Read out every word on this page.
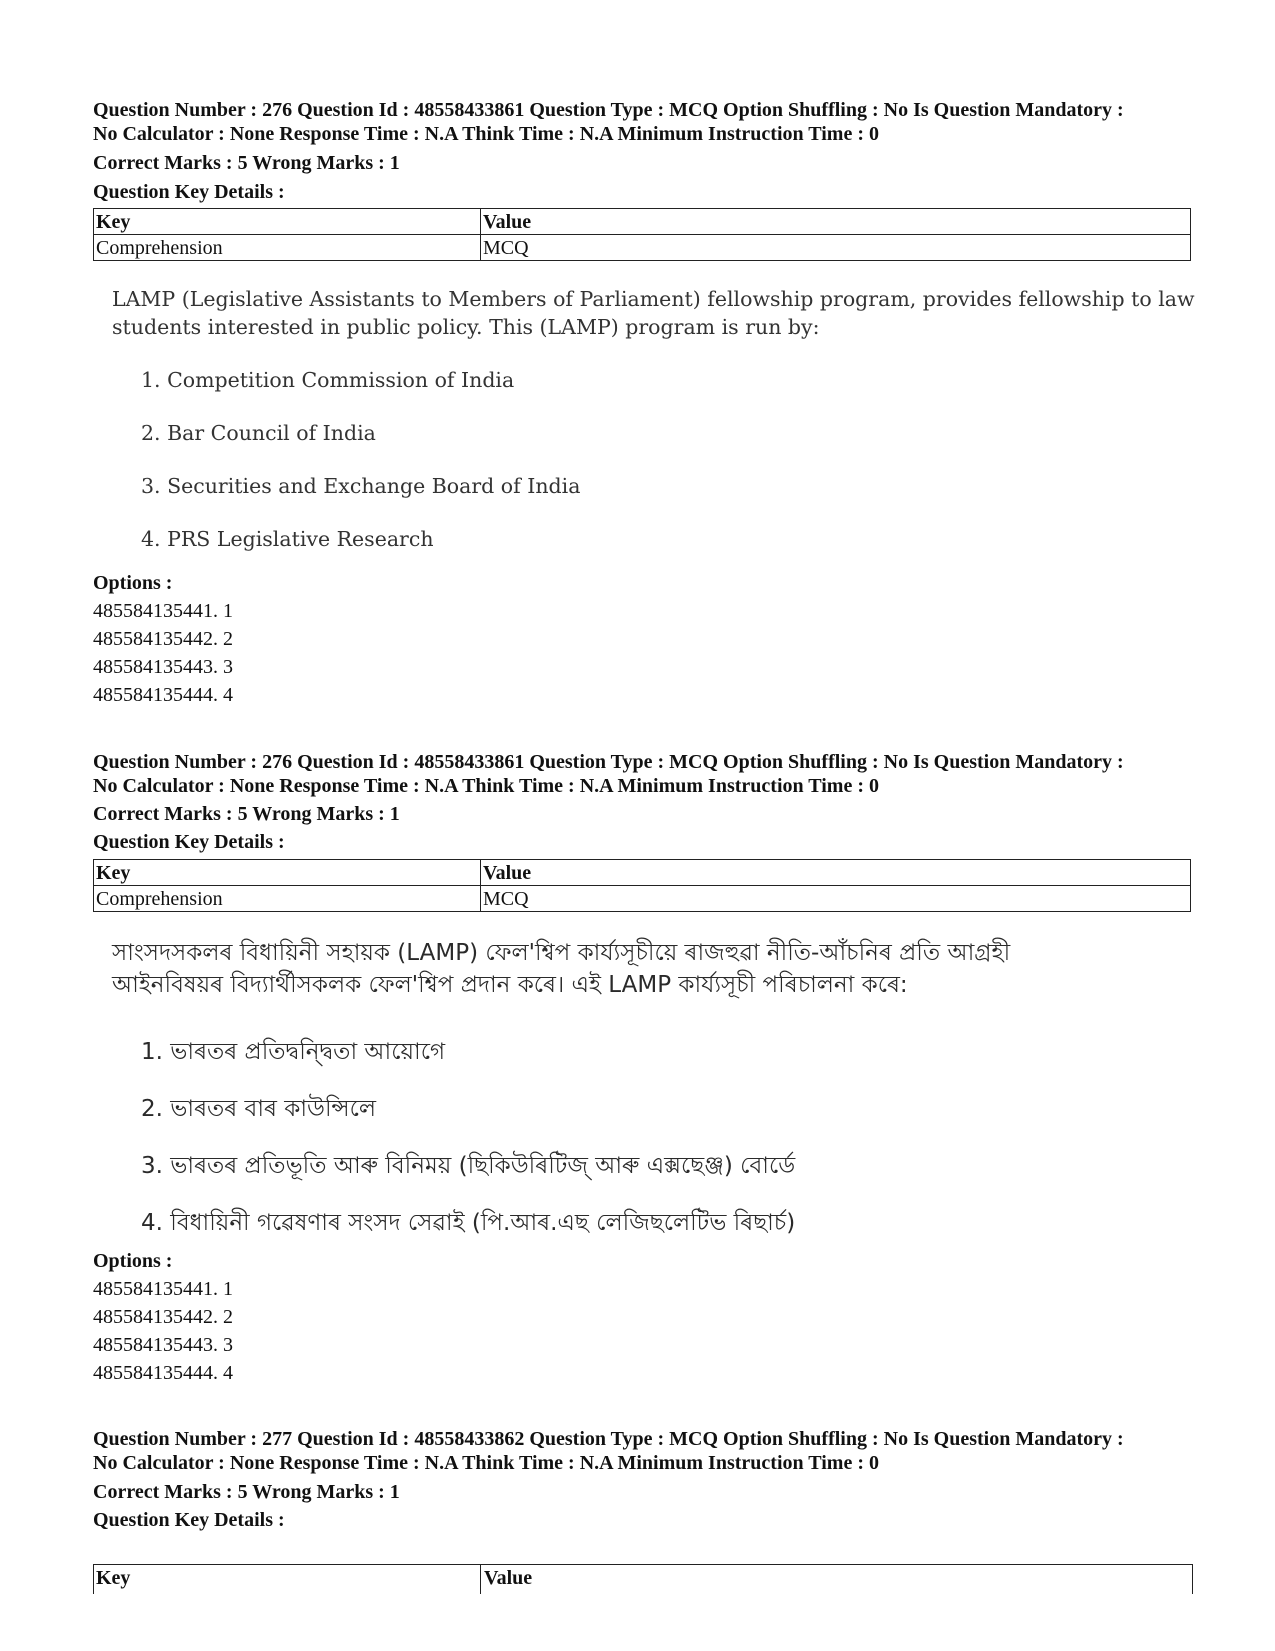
Question Number : 276 Question Id : 48558433861 Question Type : MCQ Option Shuffling : No Is Question Mandatory :
No Calculator : None Response Time : N.A Think Time : N.A Minimum Instruction Time : 0
Correct Marks : 5 Wrong Marks : 1
Question Key Details :
Key	Value
Comprehension	MCQ
LAMP (Legislative Assistants to Members of Parliament) fellowship program, provides fellowship to law
students interested in public policy. This (LAMP) program is run by:
1. Competition Commission of India
2. Bar Council of India
3. Securities and Exchange Board of India
4. PRS Legislative Research
Options :
485584135441. 1
485584135442. 2
485584135443. 3
485584135444. 4
Question Number : 276 Question Id : 48558433861 Question Type : MCQ Option Shuffling : No Is Question Mandatory :
No Calculator : None Response Time : N.A Think Time : N.A Minimum Instruction Time : 0
Correct Marks : 5 Wrong Marks : 1
Question Key Details :
Key	Value
Comprehension	MCQ
সাংসদসকলৰ বিধায়িনী সহায়ক (LAMP) ফেল'শ্বিপ কাৰ্য্যসূচীয়ে ৰাজহুৱা নীতি-আঁচনিৰ প্ৰতি আগ্ৰহী
আইনবিষয়ৰ বিদ্যাৰ্থীসকলক ফেল'শ্বিপ প্ৰদান কৰে। এই LAMP কাৰ্য্যসূচী পৰিচালনা কৰে:
1. ভাৰতৰ প্ৰতিদ্বন্দ্বিতা আয়োগে
2. ভাৰতৰ বাৰ কাউন্সিলে
3. ভাৰতৰ প্ৰতিভূতি আৰু বিনিময় (ছিকিউৰিটিজ্ আৰু এক্সছেঞ্জ) বোৰ্ডে
4. বিধায়িনী গৱেষণাৰ সংসদ সেৱাই (পি.আৰ.এছ লেজিছলেটিভ ৰিছাৰ্চ)
Options :
485584135441. 1
485584135442. 2
485584135443. 3
485584135444. 4
Question Number : 277 Question Id : 48558433862 Question Type : MCQ Option Shuffling : No Is Question Mandatory :
No Calculator : None Response Time : N.A Think Time : N.A Minimum Instruction Time : 0
Correct Marks : 5 Wrong Marks : 1
Question Key Details :
Key	Value
